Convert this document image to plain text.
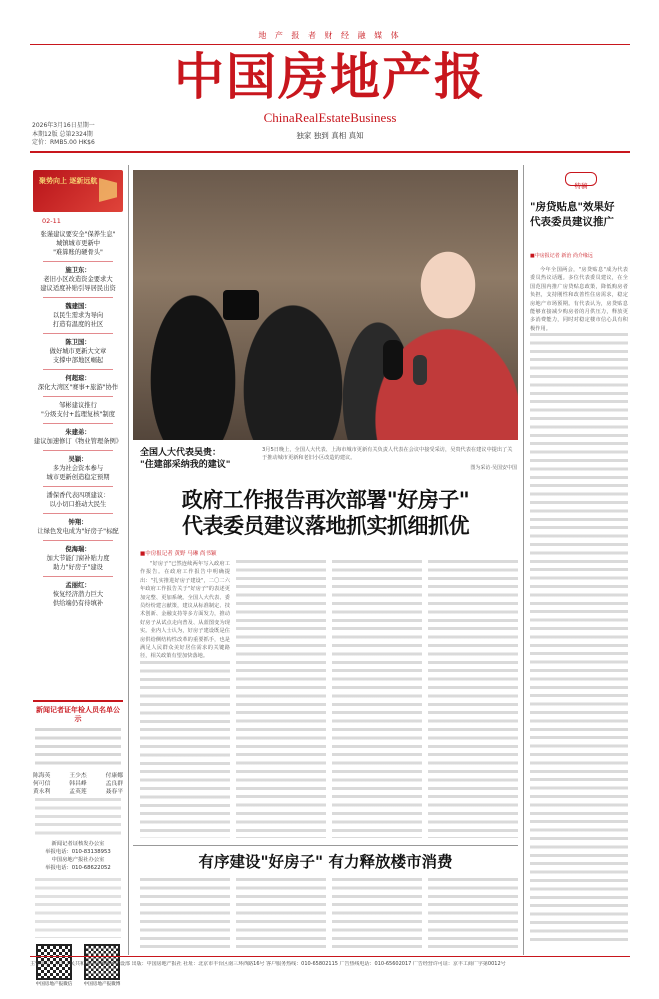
地 产 报 者 财 经 融 媒 体
中国房地产报
ChinaRealEstateBusiness
独家 独到 真相 真知
2026年3月16日星期一
本期12版 总第2324期
定价：RMB5.00 HK$6
聚势向上 逐新远航
02-11
张谨建议要安全"保养生息"
城镇城市更新中
"难算账的硬骨头"
施卫东：
老旧小区改造资金要求大
建议适度补贴引导居民出资
魏建国：
以民生需求为导向
打造有温度的社区
陈卫国：
做好城市更新大文章
支撑中部地区崛起
何超琼：
深化大湾区"赛事+旅游"协作
邹彬建议推行
"分级支付+监理复核"制度
朱建弟：
建议加速修订《物业管理条例》
吴颖：
多为社会资本参与
城市更新创造稳定预期
潘保香代表四项建议：
以小切口推动大民生
钟翔：
让绿色发电成为"好房子"标配
倪海瑞：
加大节能门窗补贴力度
助力"好房子"建设
孟丽红：
恢复经济潜力巨大
供给端仍有待填补
新闻记者证年检人员名单公示
陈海英	王少杰	付康娜
何可信	韩昌峰	孟良群
黄永利	孟英莲	聂春平
新闻记者证核发办公室
举报电话：010-83138953
中国房地产报社办公室
举报电话：010-68622052
中国房地产报微信	中国房地产报微博
全国人大代表吴贵：
"住建部采纳我的建议"
3月5日晚上，全国人大代表、上海市城市更新有关负责人代表在会议中接受采访，吴贵代表在建议中提出了关于推动城市更新和老旧小区改造的建议。
图为采访·吴国安中国
政府工作报告再次部署"好房子"
代表委员建议落地抓实抓细抓优
■中房报记者 黄野 马琳 尚书颖

"好房子"已然连续两年写入政府工作报告。在政府工作报告中明确提出："扎实推进好房子建设"，二〇二六年政府工作报告关于"好房子"的表述更加完整、更加系统。全国人大代表、委员纷纷建言献策，建议从标准制定、技术创新、金融支持等多方面发力，推动好房子从试点走向普及、从蓝图变为现实。业内人士认为，好房子建设既是住房供给侧结构性改革的重要抓手，也是满足人民群众美好居住需求的关键路径，相关政策有望加快落地。

有序建设"好房子" 有力释放楼市消费
特稿
"房贷贴息"效果好
代表委员建议推广
■中房报记者 新治 尚介缘远

今年全国两会，"房贷贴息"成为代表委员热议话题。多位代表委员建议，在全国范围内推广房贷贴息政策，降低购房者负担，支持刚性和改善性住房需求，稳定房地产市场预期。有代表认为，房贷贴息能够直接减少购房者的月供压力，释放更多消费能力，同时对稳定楼市信心具有积极作用。

主管单位：中华人民共和国住房和城乡建设部 出版：中国房地产报社 社址：北京市丰台区南三环西路16号 客户服务热线：010-65802115 广告热线电话：010-65602017 广告经营许可证：京丰工商广字第0012号
